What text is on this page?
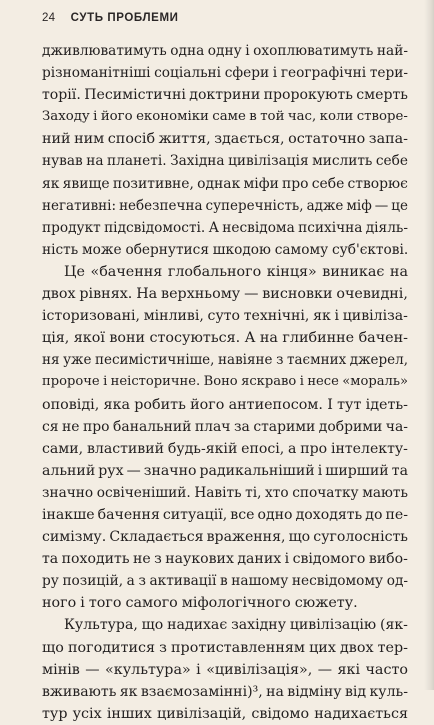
24 СУТЬ ПРОБЛЕМИ
дживлюватимуть одна одну і охоплюватимуть най-
різноманітніші соціальні сфери і географічні тери-
торії. Песимістичні доктрини пророкують смерть
Заходу і його економіки саме в той час, коли створе-
ний ним спосіб життя, здається, остаточно запа-
нував на планеті. Західна цивілізація мислить себе
як явище позитивне, однак міфи про себе створює
негативні: небезпечна суперечність, адже міф — це
продукт підсвідомості. А несвідома психічна діяль-
ність може обернутися шкодою самому суб'єктові.
Це «бачення глобального кінця» виникає на
двох рівнях. На верхньому — висновки очевидні,
історизовані, мінливі, суто технічні, як і цивіліза-
ція, якої вони стосуються. А на глибинне бачен-
ня уже песимістичніше, навіяне з таємних джерел,
пророче і неісторичне. Воно яскраво і несе «мораль»
оповіді, яка робить його антиепосом. І тут ідеть-
ся не про банальний плач за старими добрими ча-
сами, властивий будь-якій епосі, а про інтелекту-
альний рух — значно радикальніший і ширший та
значно освіченіший. Навіть ті, хто спочатку мають
інакше бачення ситуації, все одно доходять до пе-
симізму. Складається враження, що суголосність
та походить не з наукових даних і свідомого вибо-
ру позицій, а з активації в нашому несвідомому од-
ного і того самого міфологічного сюжету.
Культура, що надихає західну цивілізацію (як-
що погодитися з протиставленням цих двох тер-
мінів — «культура» і «цивілізація», — які часто
вживають як взаємозамінні)³, на відміну від куль-
тур усіх інших цивілізацій, свідомо надихається
